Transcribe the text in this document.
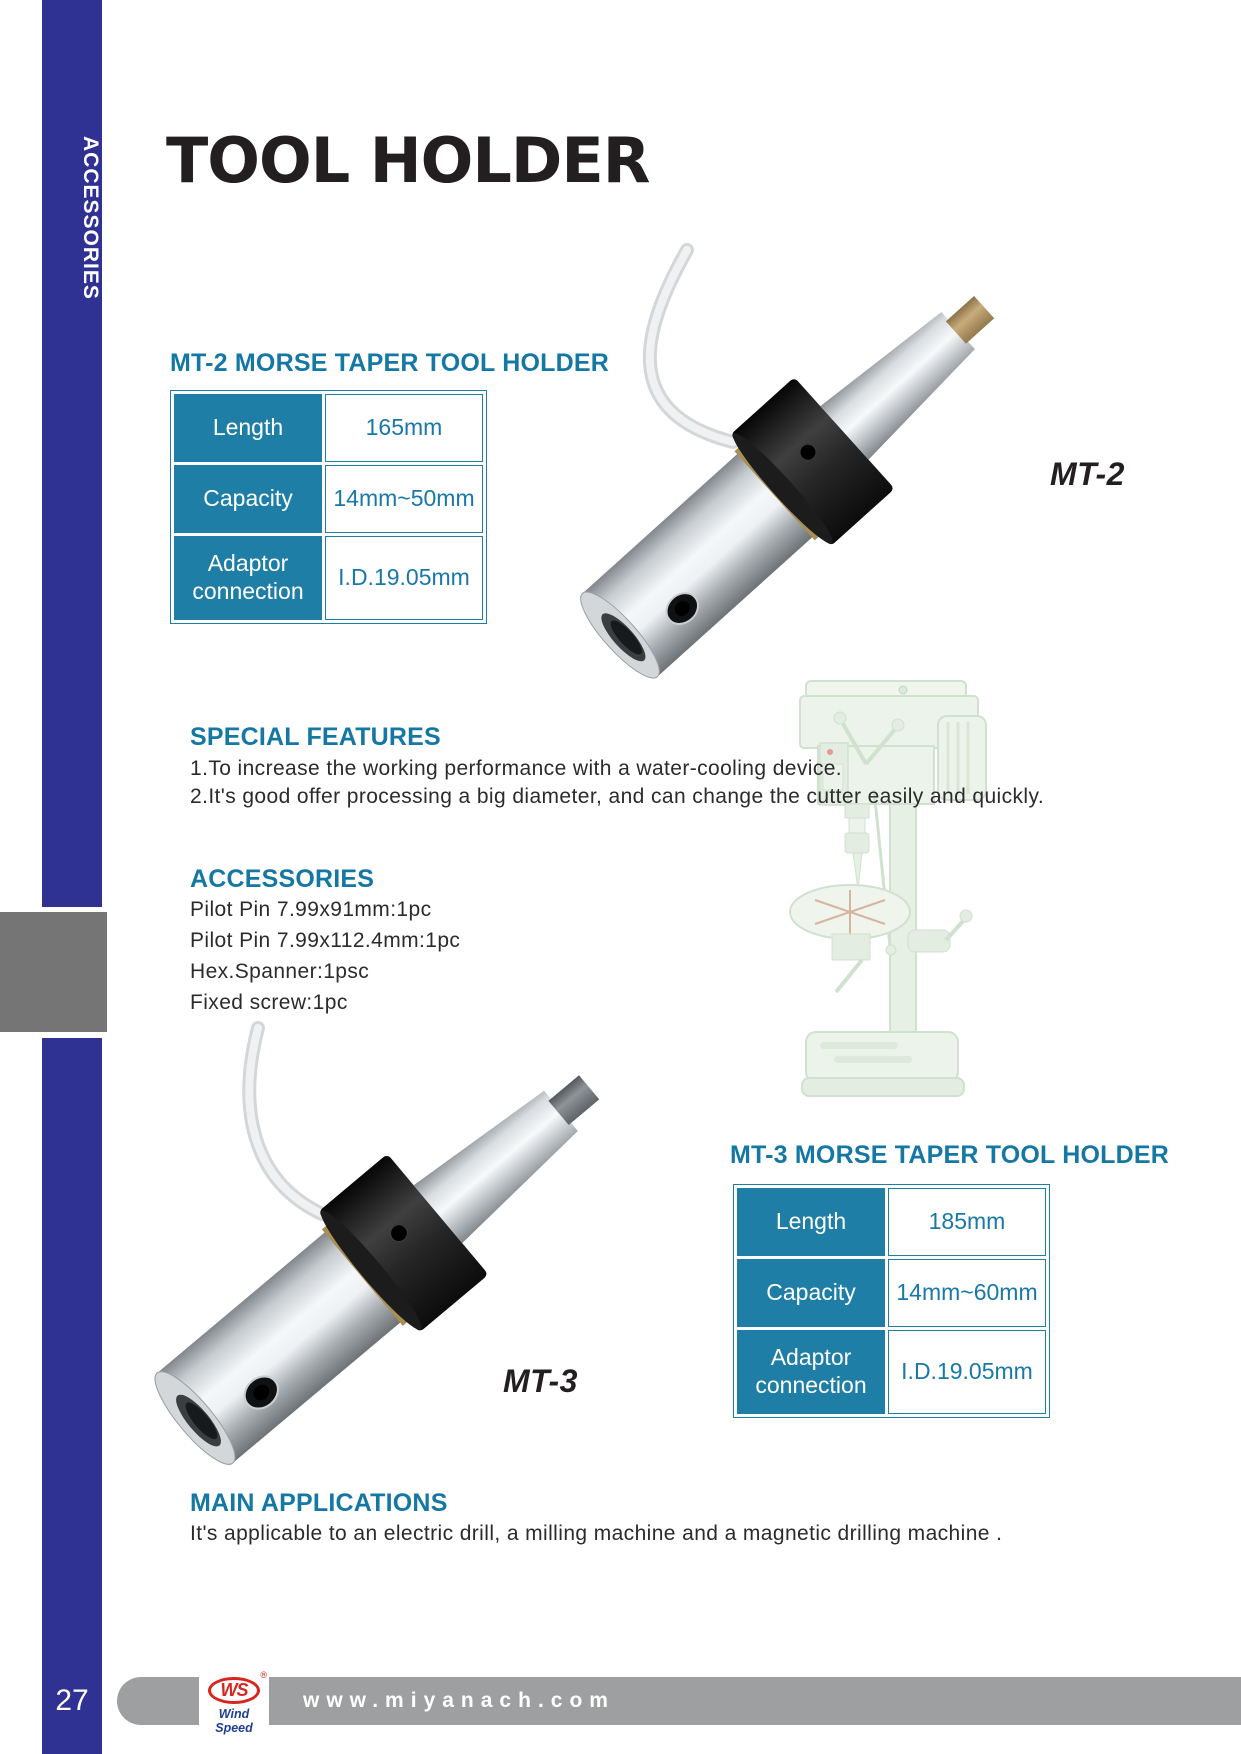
ACCESSORIES
27
TOOL HOLDER
MT-2 MORSE TAPER TOOL HOLDER
Length	165mm
Capacity	14mm~50mm
Adaptor connection	I.D.19.05mm
MT-2
SPECIAL FEATURES
1.To increase the working performance with a water-cooling device.
2.It's good offer processing a big diameter, and can change the cutter easily and quickly.
ACCESSORIES
Pilot Pin 7.99x91mm:1pc
Pilot Pin 7.99x112.4mm:1pc
Hex.Spanner:1psc
Fixed screw:1pc
MT-3 MORSE TAPER TOOL HOLDER
Length	185mm
Capacity	14mm~60mm
Adaptor connection	I.D.19.05mm
MT-3
MAIN APPLICATIONS
It's applicable to an electric drill, a milling machine and a magnetic drilling machine .
www.miyanach.com
®
WS
Wind Speed
